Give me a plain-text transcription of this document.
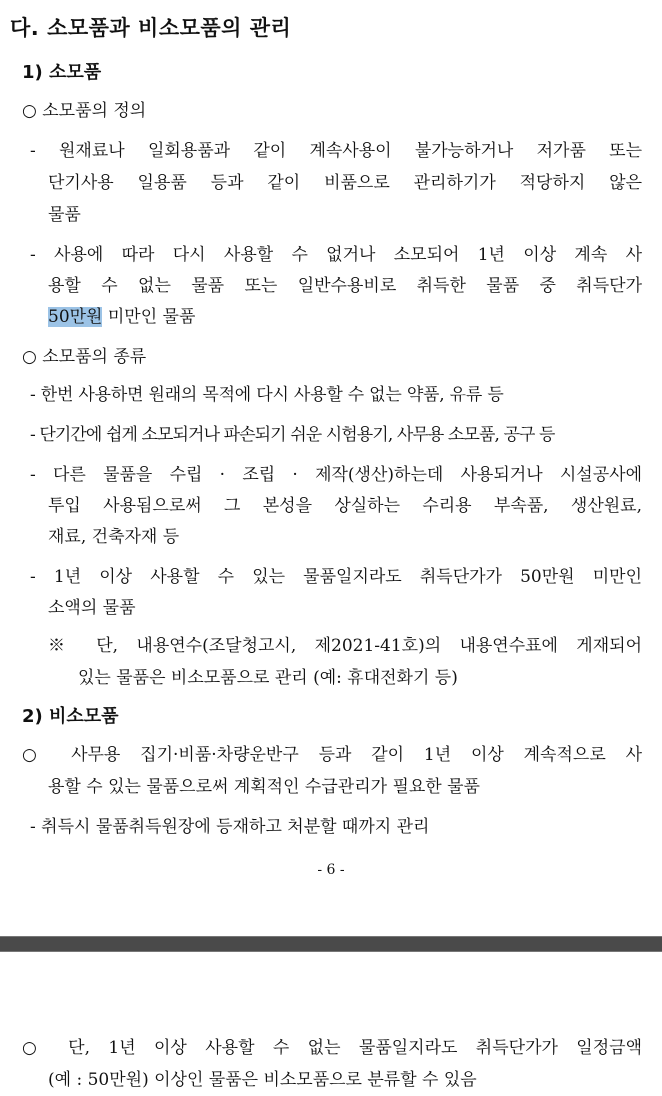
다. 소모품과 비소모품의 관리
1) 소모품
○ 소모품의 정의
- 원재료나 일회용품과 같이 계속사용이 불가능하거나 저가품 또는
단기사용 일용품 등과 같이 비품으로 관리하기가 적당하지 않은
물품
- 사용에 따라 다시 사용할 수 없거나 소모되어 1년 이상 계속 사
용할 수 없는 물품 또는 일반수용비로 취득한 물품 중 취득단가
50만원 미만인 물품
○ 소모품의 종류
- 한번 사용하면 원래의 목적에 다시 사용할 수 없는 약품, 유류 등
- 단기간에 쉽게 소모되거나 파손되기 쉬운 시험용기, 사무용 소모품, 공구 등
- 다른 물품을 수립 · 조립 · 제작(생산)하는데 사용되거나 시설공사에
투입 사용됨으로써 그 본성을 상실하는 수리용 부속품, 생산원료,
재료, 건축자재 등
- 1년 이상 사용할 수 있는 물품일지라도 취득단가가 50만원 미만인
소액의 물품
※ 단, 내용연수(조달청고시, 제2021-41호)의 내용연수표에 게재되어
있는 물품은 비소모품으로 관리 (예: 휴대전화기 등)
2) 비소모품
○ 사무용 집기·비품·차량운반구 등과 같이 1년 이상 계속적으로 사
용할 수 있는 물품으로써 계획적인 수급관리가 필요한 물품
- 취득시 물품취득원장에 등재하고 처분할 때까지 관리
- 6 -
○ 단, 1년 이상 사용할 수 없는 물품일지라도 취득단가가 일정금액
(예 : 50만원) 이상인 물품은 비소모품으로 분류할 수 있음
